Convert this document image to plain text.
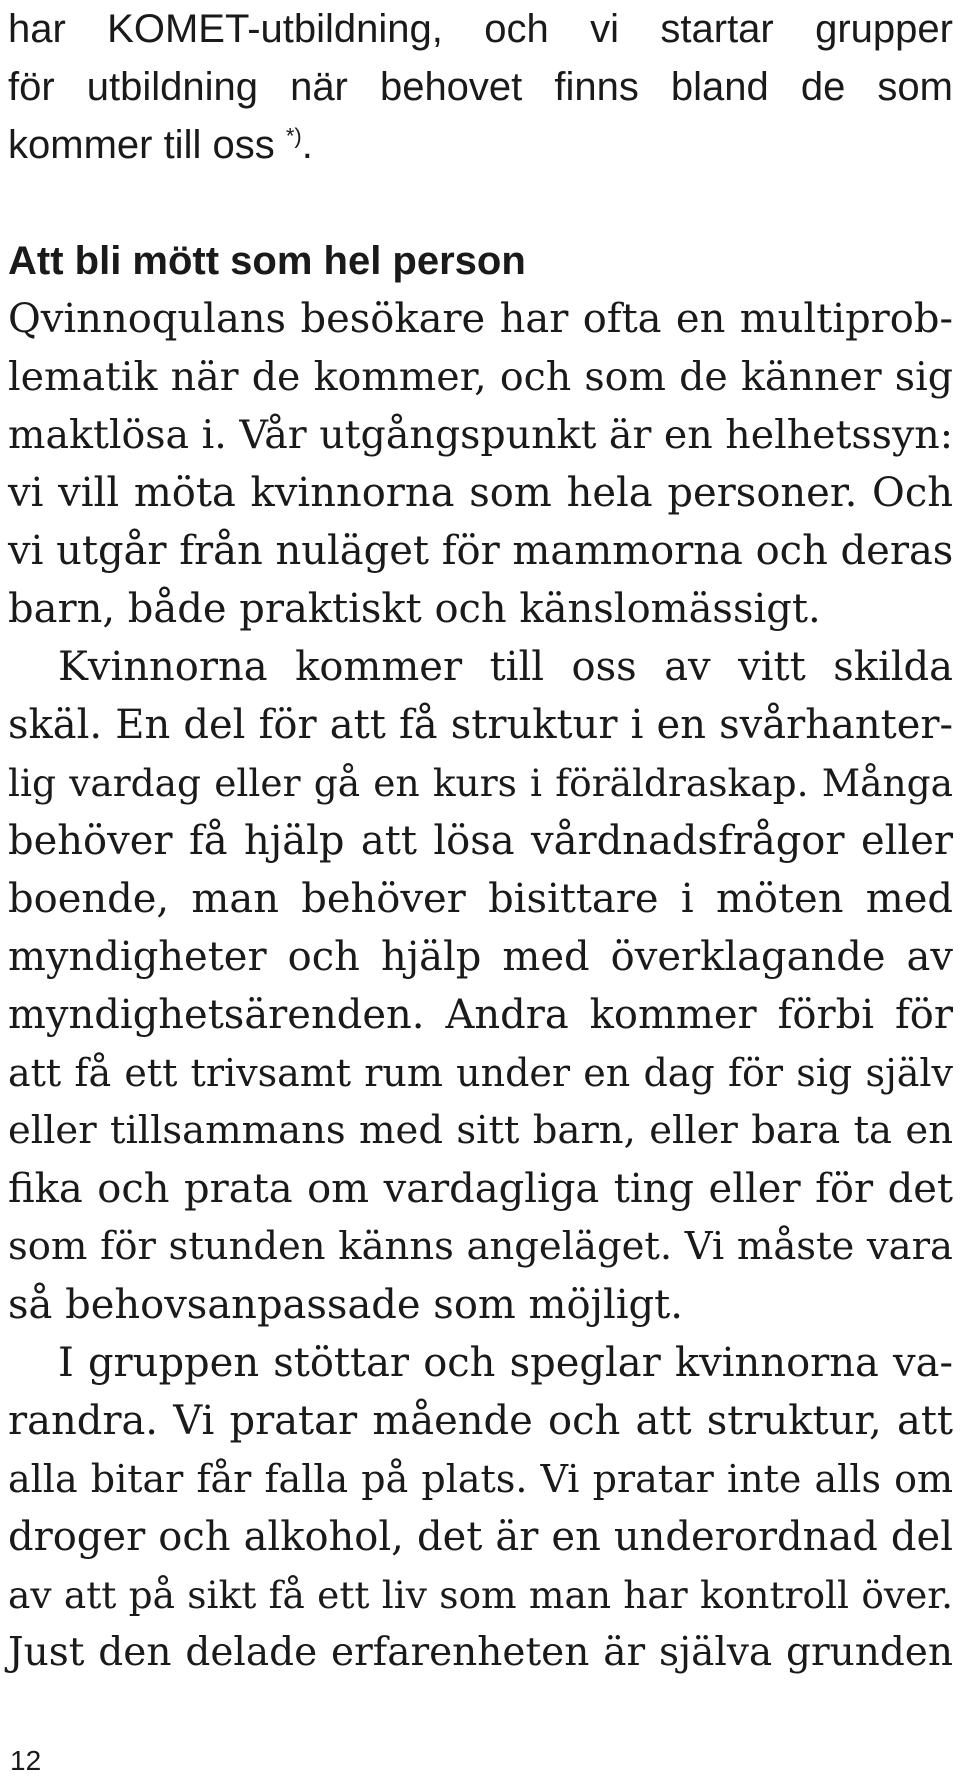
har KOMET-utbildning, och vi startar grupper
för utbildning när behovet finns bland de som
kommer till oss *).
Att bli mött som hel person
Qvinnoqulans besökare har ofta en multiprob-
lematik när de kommer, och som de känner sig
maktlösa i. Vår utgångspunkt är en helhetssyn:
vi vill möta kvinnorna som hela personer. Och
vi utgår från nuläget för mammorna och deras
barn, både praktiskt och känslomässigt.
Kvinnorna kommer till oss av vitt skilda
skäl. En del för att få struktur i en svårhanter-
lig vardag eller gå en kurs i föräldraskap. Många
behöver få hjälp att lösa vårdnadsfrågor eller
boende, man behöver bisittare i möten med
myndigheter och hjälp med överklagande av
myndighetsärenden. Andra kommer förbi för
att få ett trivsamt rum under en dag för sig själv
eller tillsammans med sitt barn, eller bara ta en
fika och prata om vardagliga ting eller för det
som för stunden känns angeläget. Vi måste vara
så behovsanpassade som möjligt.
I gruppen stöttar och speglar kvinnorna va-
randra. Vi pratar mående och att struktur, att
alla bitar får falla på plats. Vi pratar inte alls om
droger och alkohol, det är en underordnad del
av att på sikt få ett liv som man har kontroll över.
Just den delade erfarenheten är själva grunden
12
